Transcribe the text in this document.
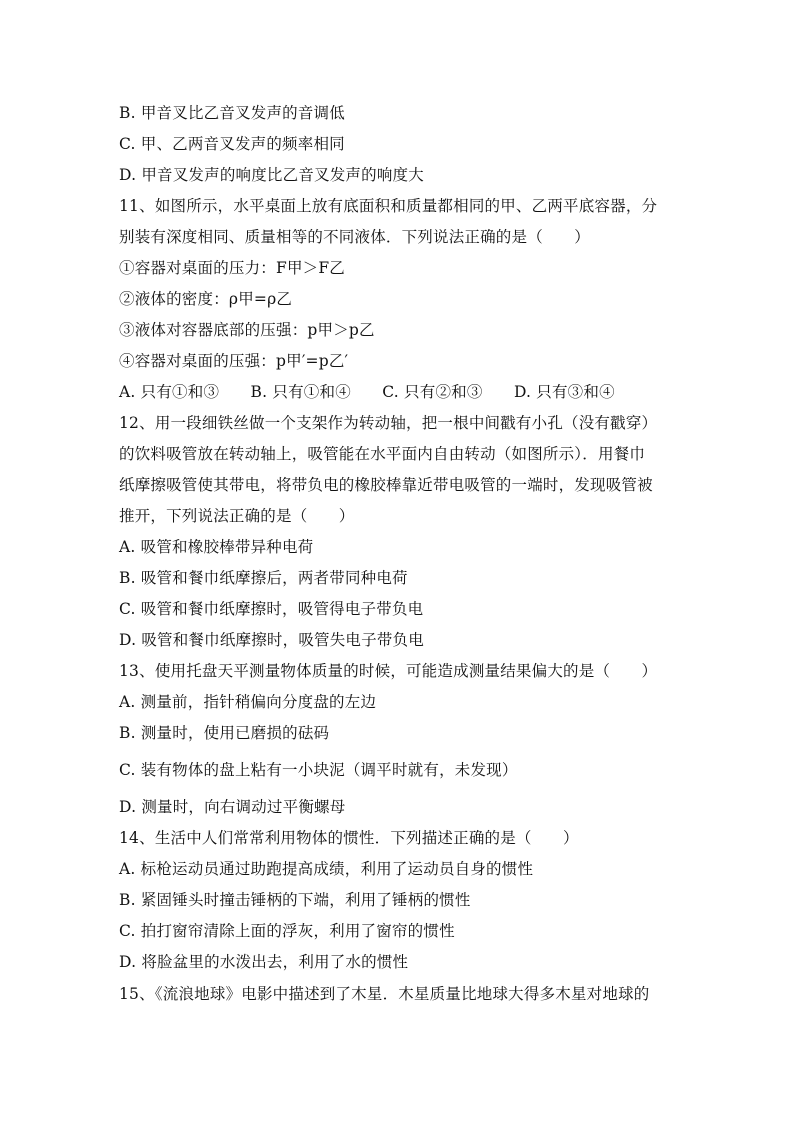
B. 甲音叉比乙音叉发声的音调低
C. 甲、乙两音叉发声的频率相同
D. 甲音叉发声的响度比乙音叉发声的响度大
11、如图所示，水平桌面上放有底面积和质量都相同的甲、乙两平底容器，分
别装有深度相同、质量相等的不同液体．下列说法正确的是（　　）
①容器对桌面的压力：F甲＞F乙
②液体的密度：ρ甲=ρ乙
③液体对容器底部的压强：p甲＞p乙
④容器对桌面的压强：p甲′=p乙′
A. 只有①和③　　B. 只有①和④　　C. 只有②和③　　D. 只有③和④
12、用一段细铁丝做一个支架作为转动轴，把一根中间戳有小孔（没有戳穿）
的饮料吸管放在转动轴上，吸管能在水平面内自由转动（如图所示）．用餐巾
纸摩擦吸管使其带电，将带负电的橡胶棒靠近带电吸管的一端时，发现吸管被
推开，下列说法正确的是（　　）
A. 吸管和橡胶棒带异种电荷
B. 吸管和餐巾纸摩擦后，两者带同种电荷
C. 吸管和餐巾纸摩擦时，吸管得电子带负电
D. 吸管和餐巾纸摩擦时，吸管失电子带负电
13、使用托盘天平测量物体质量的时候，可能造成测量结果偏大的是（　　）
A. 测量前，指针稍偏向分度盘的左边
B. 测量时，使用已磨损的砝码
C. 装有物体的盘上粘有一小块泥（调平时就有，未发现）
D. 测量时，向右调动过平衡螺母
14、生活中人们常常利用物体的惯性．下列描述正确的是（　　）
A. 标枪运动员通过助跑提高成绩，利用了运动员自身的惯性
B. 紧固锤头时撞击锤柄的下端，利用了锤柄的惯性
C. 拍打窗帘清除上面的浮灰，利用了窗帘的惯性
D. 将脸盆里的水泼出去，利用了水的惯性
15、《流浪地球》电影中描述到了木星．木星质量比地球大得多木星对地球的
